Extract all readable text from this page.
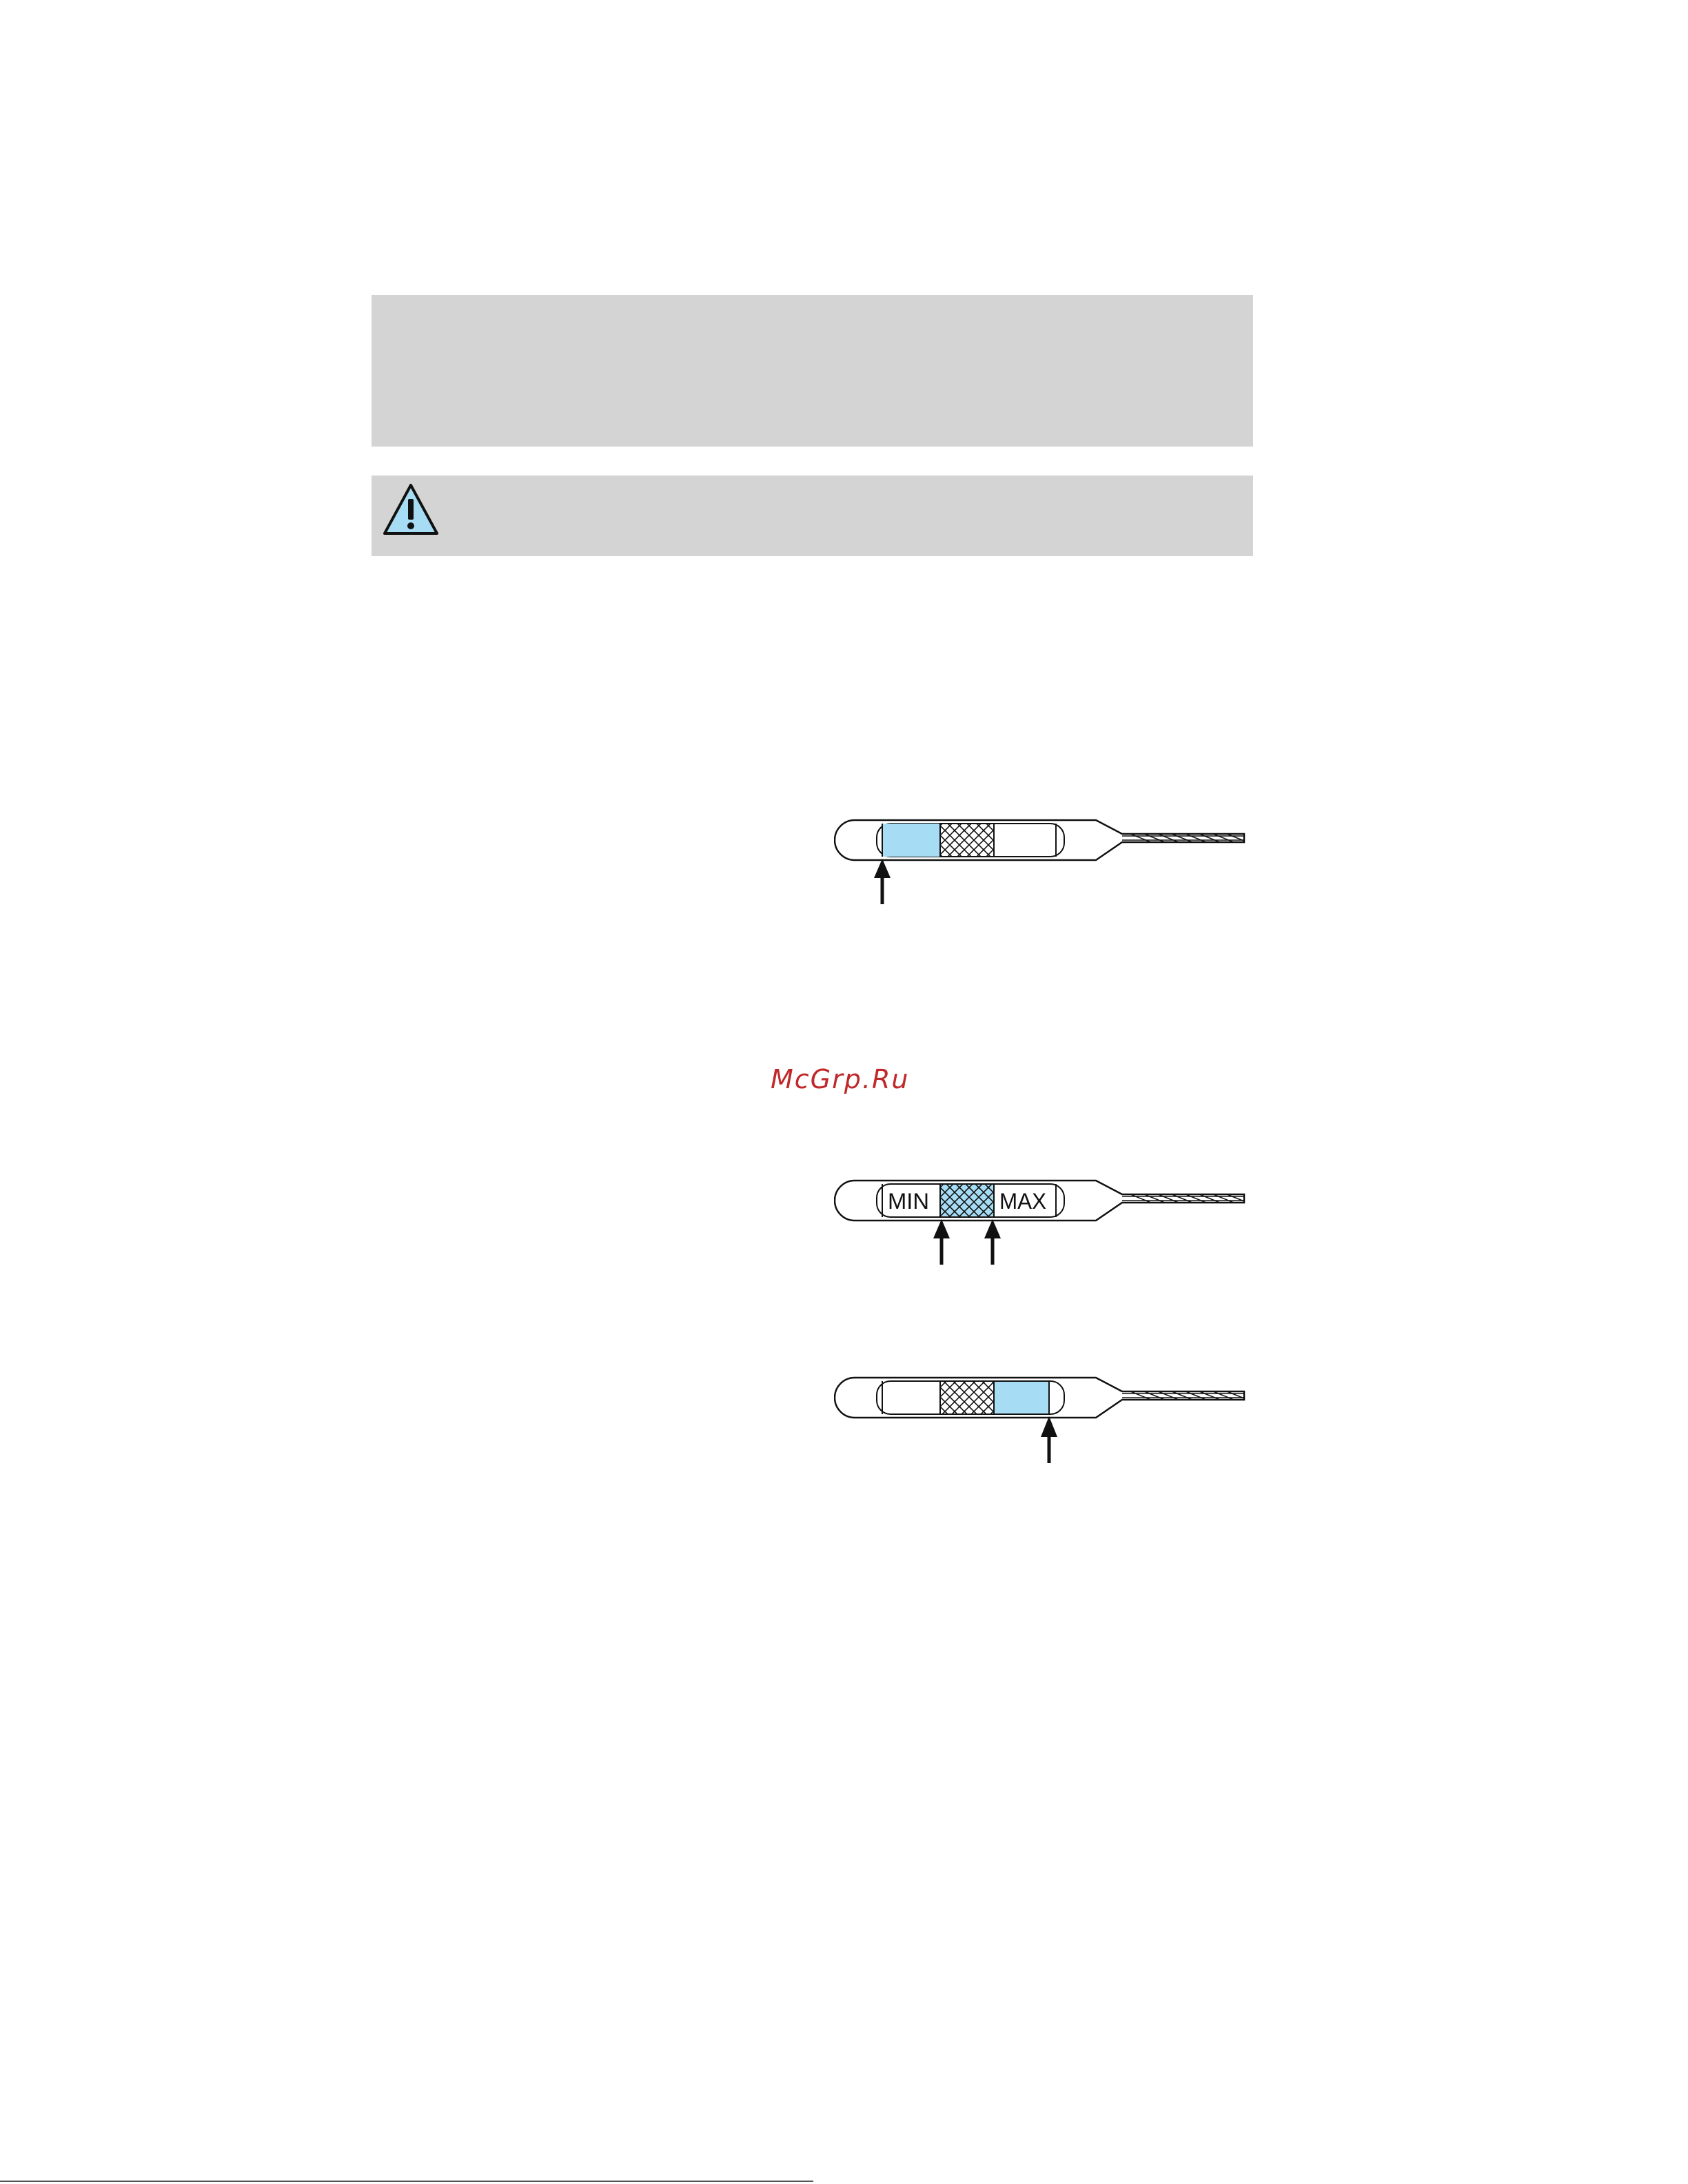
MIN	MAX
McGrp.Ru
